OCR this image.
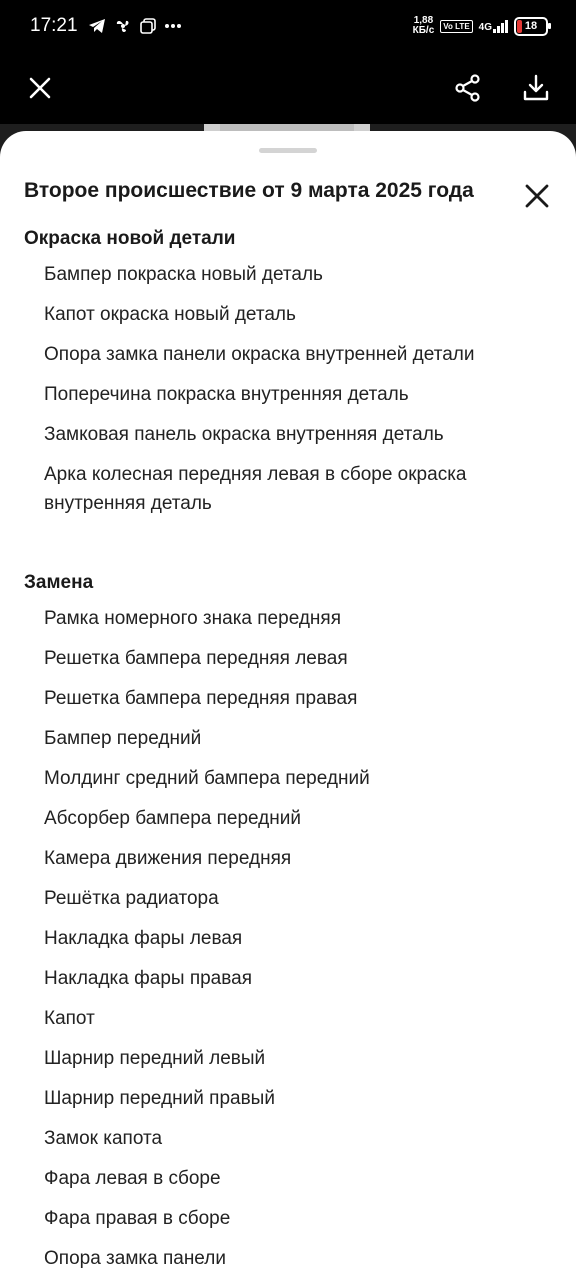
17:21	1,88
КБ/с	Vo LTE 4G	18
Второе происшествие от 9 марта 2025 года
Окраска новой детали
Бампер покраска новый деталь
Капот окраска новый деталь
Опора замка панели окраска внутренней детали
Поперечина покраска внутренняя деталь
Замковая панель окраска внутренняя деталь
Арка колесная передняя левая в сборе окраска внутренняя деталь
Замена
Рамка номерного знака передняя
Решетка бампера передняя левая
Решетка бампера передняя правая
Бампер передний
Молдинг средний бампера передний
Абсорбер бампера передний
Камера движения передняя
Решётка радиатора
Накладка фары левая
Накладка фары правая
Капот
Шарнир передний левый
Шарнир передний правый
Замок капота
Фара левая в сборе
Фара правая в сборе
Опора замка панели
